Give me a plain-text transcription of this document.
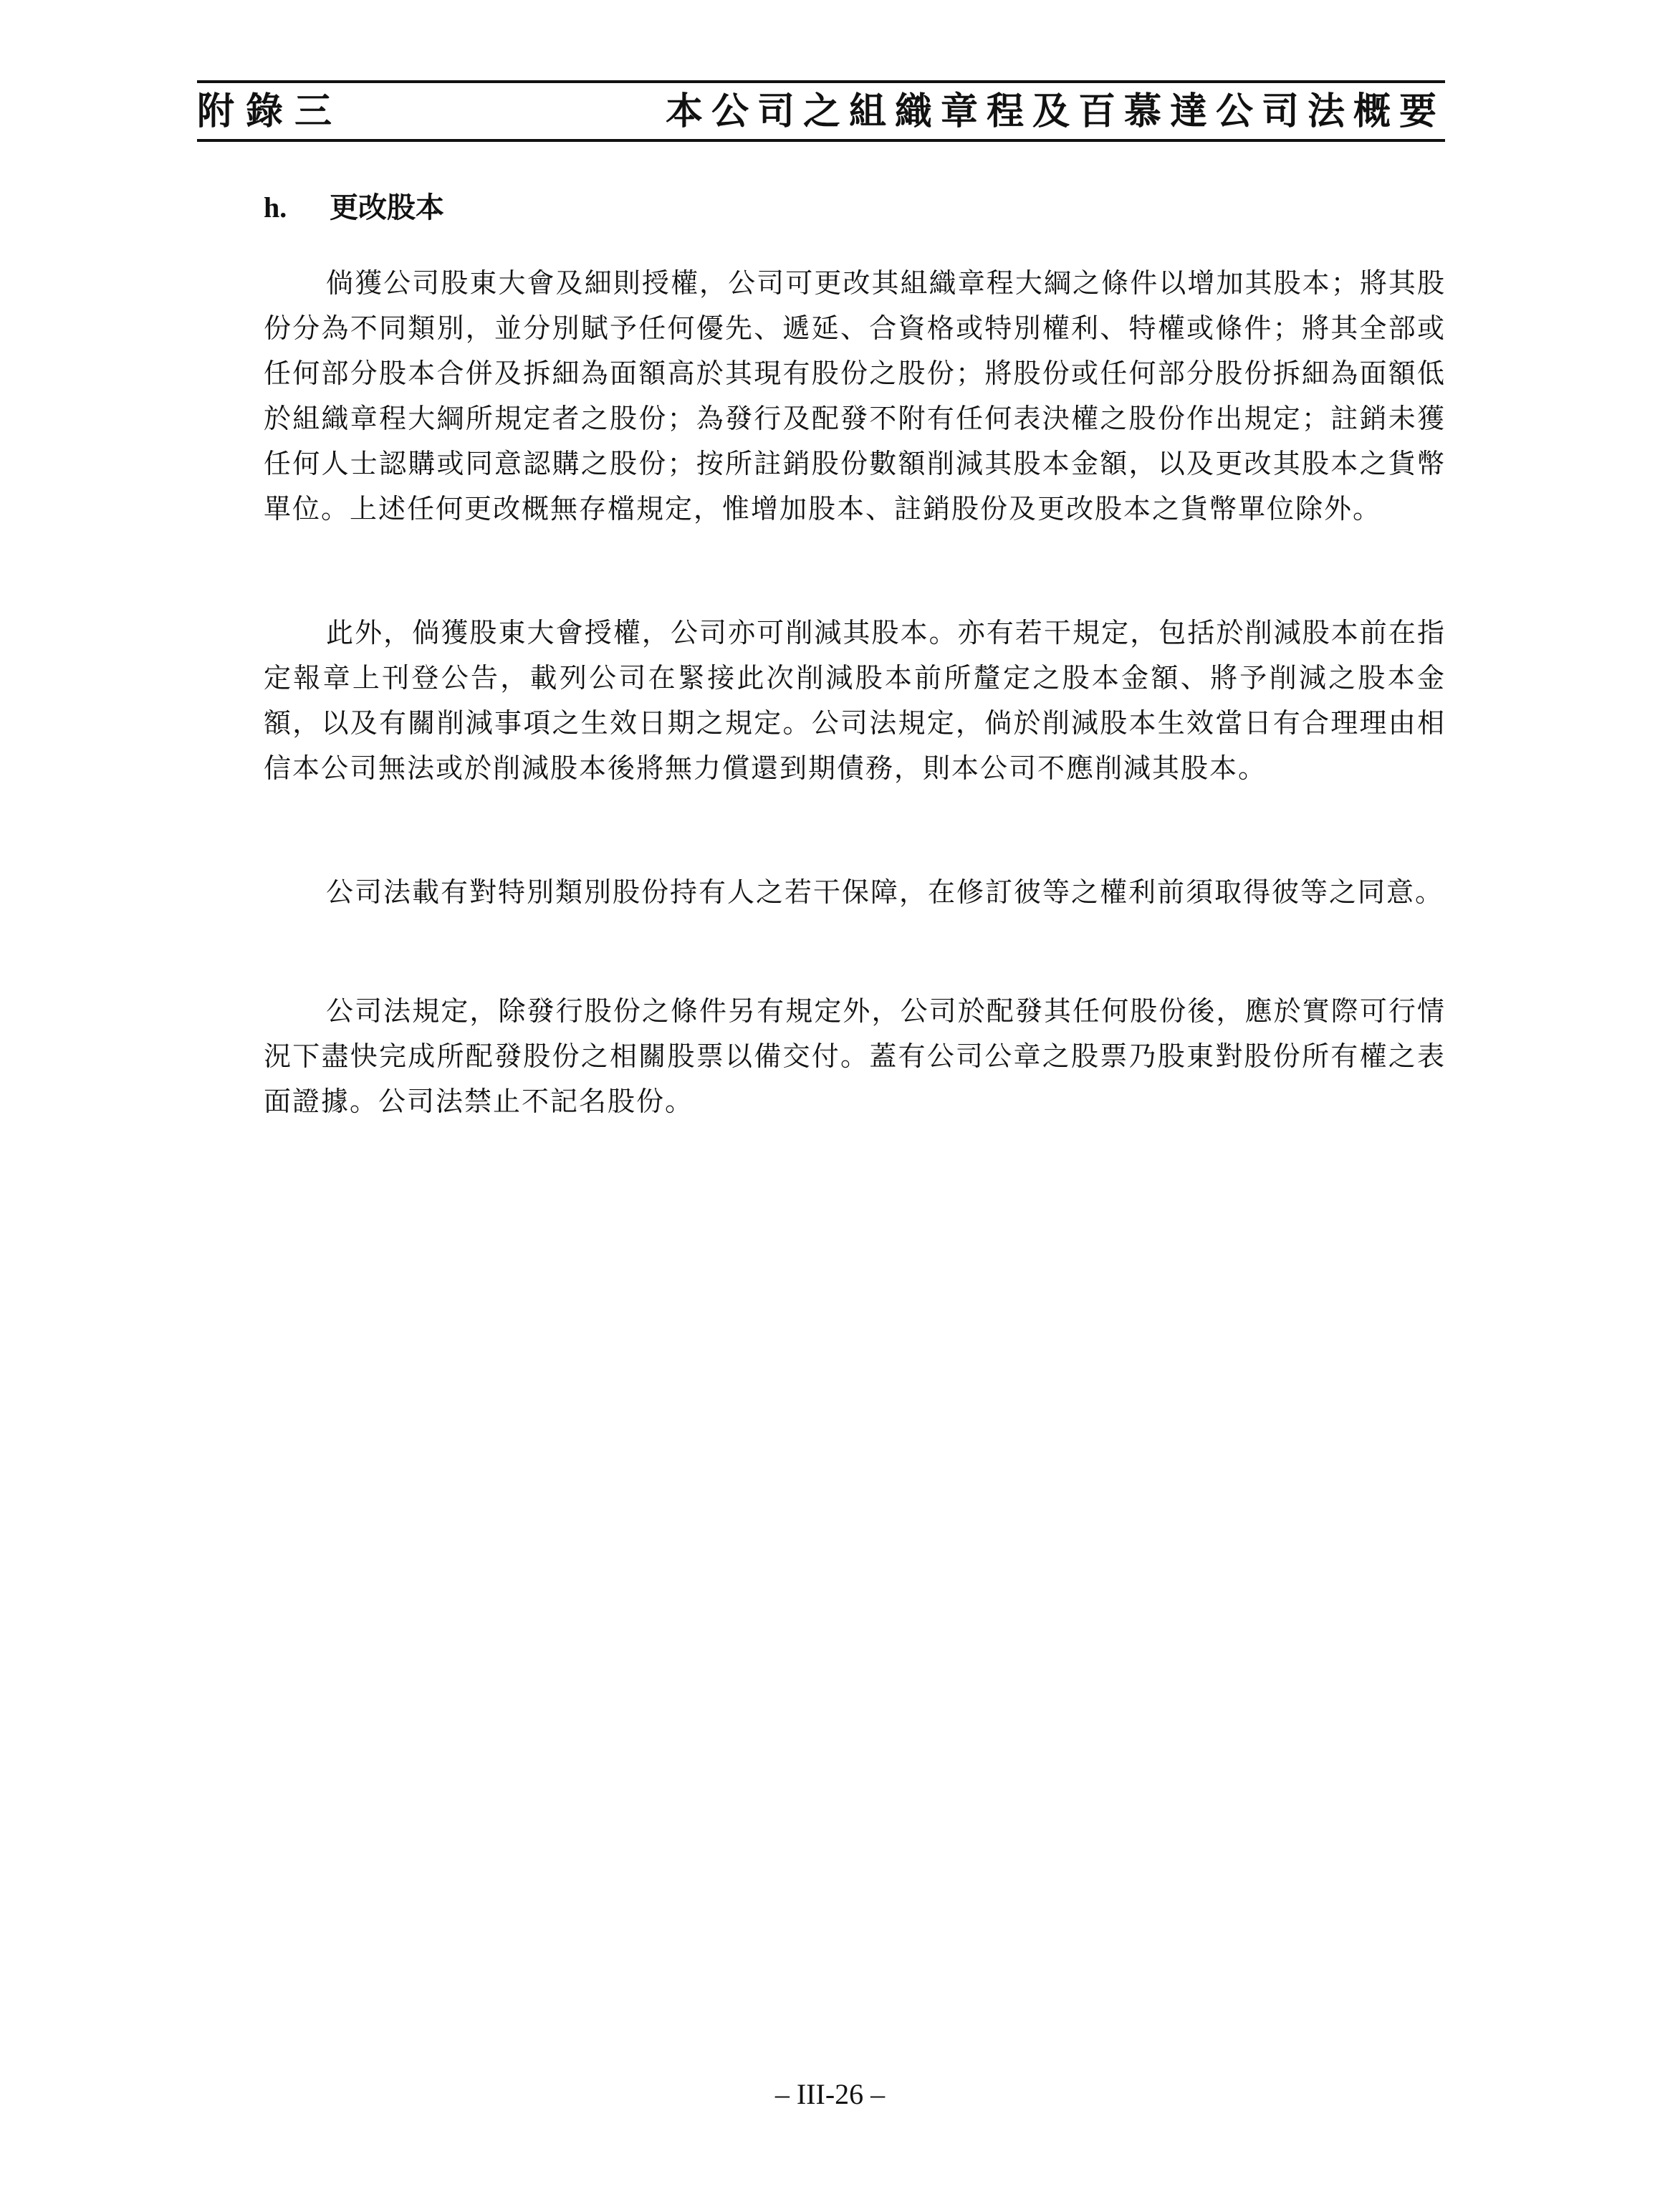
附錄三	本公司之組織章程及百慕達公司法概要
h. 更改股本

倘獲公司股東大會及細則授權，公司可更改其組織章程大綱之條件以增加其股本；將其股份分為不同類別，並分別賦予任何優先、遞延、合資格或特別權利、特權或條件；將其全部或任何部分股本合併及拆細為面額高於其現有股份之股份；將股份或任何部分股份拆細為面額低於組織章程大綱所規定者之股份；為發行及配發不附有任何表決權之股份作出規定；註銷未獲任何人士認購或同意認購之股份；按所註銷股份數額削減其股本金額，以及更改其股本之貨幣單位。上述任何更改概無存檔規定，惟增加股本、註銷股份及更改股本之貨幣單位除外。

此外，倘獲股東大會授權，公司亦可削減其股本。亦有若干規定，包括於削減股本前在指定報章上刊登公告，載列公司在緊接此次削減股本前所釐定之股本金額、將予削減之股本金額，以及有關削減事項之生效日期之規定。公司法規定，倘於削減股本生效當日有合理理由相信本公司無法或於削減股本後將無力償還到期債務，則本公司不應削減其股本。

公司法載有對特別類別股份持有人之若干保障，在修訂彼等之權利前須取得彼等之同意。

公司法規定，除發行股份之條件另有規定外，公司於配發其任何股份後，應於實際可行情況下盡快完成所配發股份之相關股票以備交付。蓋有公司公章之股票乃股東對股份所有權之表面證據。公司法禁止不記名股份。

– III-26 –
